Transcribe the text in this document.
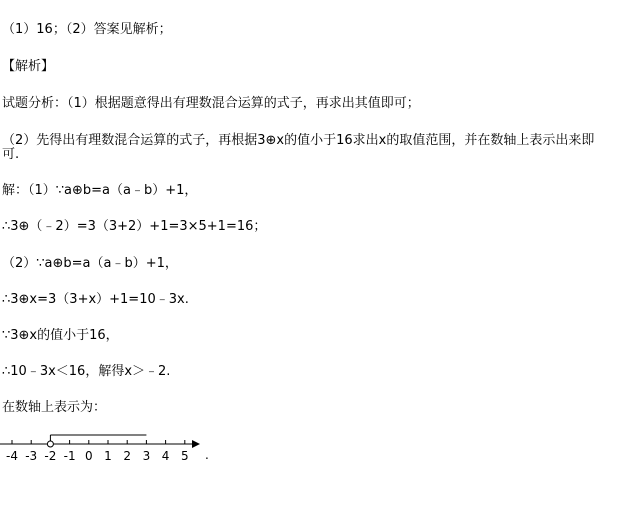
（1）16；（2）答案见解析；
【解析】
试题分析：（1）根据题意得出有理数混合运算的式子，再求出其值即可；
（2）先得出有理数混合运算的式子，再根据3⊕x的值小于16求出x的取值范围，并在数轴上表示出来即
可.
解：（1）∵a⊕b=a（a﹣b）+1，
∴3⊕（﹣2）=3（3+2）+1=3×5+1=16；
（2）∵a⊕b=a（a﹣b）+1，
∴3⊕x=3（3+x）+1=10﹣3x.
∵3⊕x的值小于16，
∴10﹣3x＜16，解得x＞﹣2.
在数轴上表示为：
-4 -3 -2 -1 0 1 2 3 4 5 .
